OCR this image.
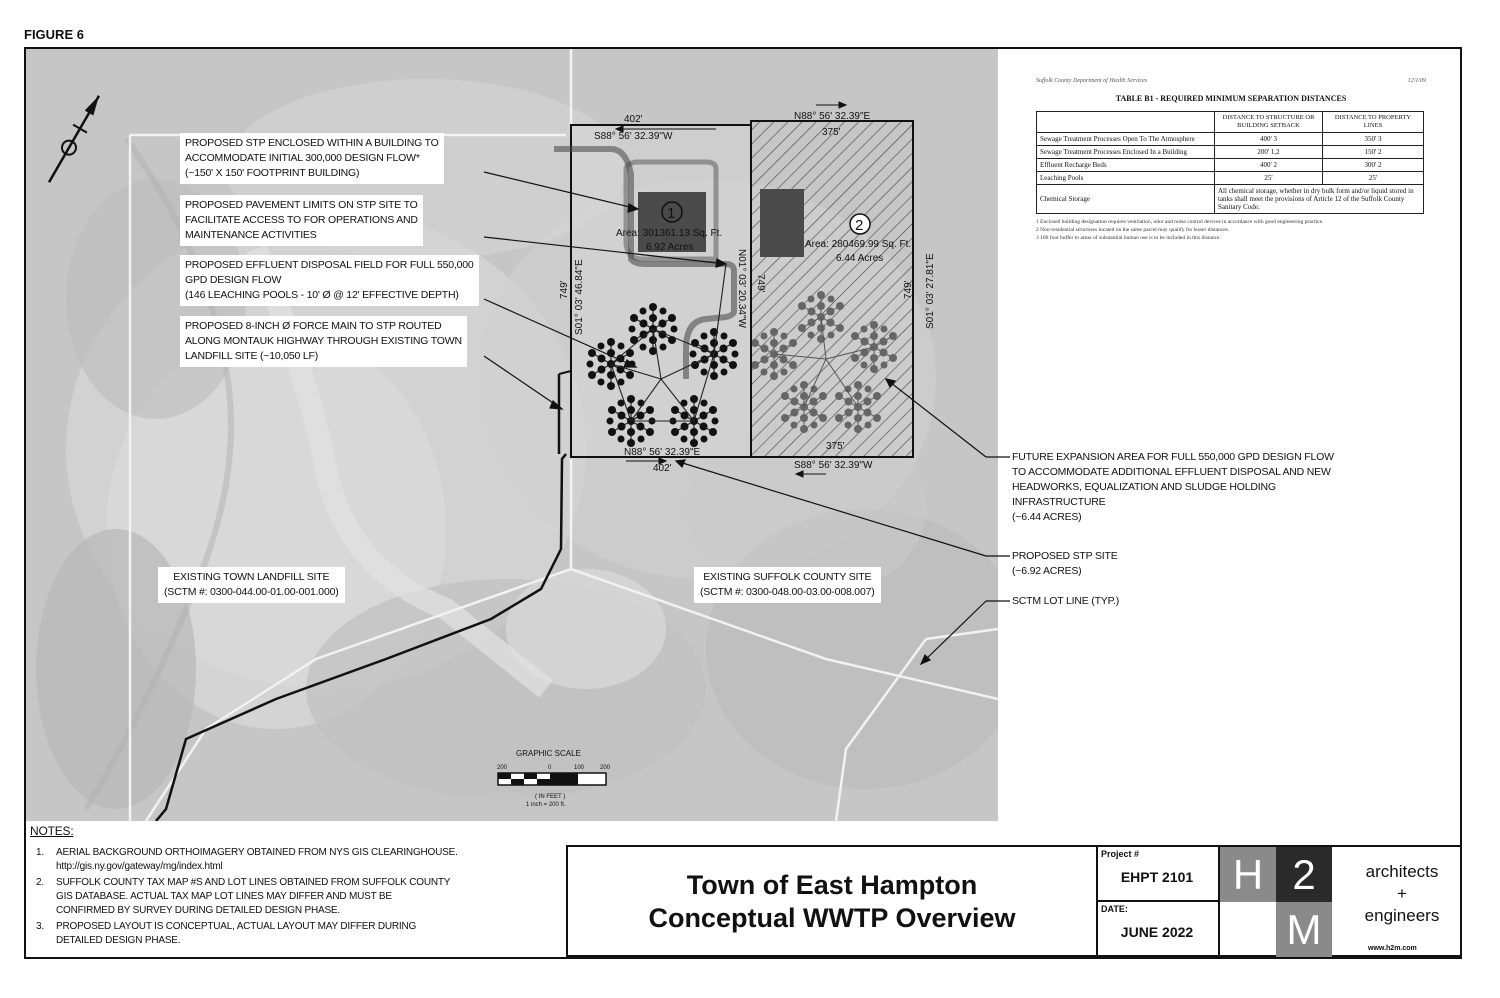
FIGURE 6
402'
S88° 56' 32.39"W
N88° 56' 32.39"E
375'
N88° 56' 32.39"E
402'	S88° 56' 32.39"W
375'
S01° 03' 46.84"E
749'	N01° 03' 20.34"W 749'	S01° 03' 27.81"E
749'
1
Area: 301361.13 Sq. Ft.
6.92 Acres
2
Area: 280469.99 Sq. Ft.
6.44 Acres
GRAPHIC SCALE
200	0	100	200
( IN FEET )
1 inch = 200 ft.
PROPOSED STP ENCLOSED WITHIN A BUILDING TO
ACCOMMODATE INITIAL 300,000 DESIGN FLOW*
(~150' X 150' FOOTPRINT BUILDING)
PROPOSED PAVEMENT LIMITS ON STP SITE TO
FACILITATE ACCESS TO FOR OPERATIONS AND
MAINTENANCE ACTIVITIES
PROPOSED EFFLUENT DISPOSAL FIELD FOR FULL 550,000
GPD DESIGN FLOW
(146 LEACHING POOLS - 10' Ø @ 12' EFFECTIVE DEPTH)
PROPOSED 8-INCH Ø FORCE MAIN TO STP ROUTED
ALONG MONTAUK HIGHWAY THROUGH EXISTING TOWN
LANDFILL SITE (~10,050 LF)
EXISTING TOWN LANDFILL SITE
(SCTM #: 0300-044.00-01.00-001.000)
EXISTING SUFFOLK COUNTY SITE
(SCTM #: 0300-048.00-03.00-008.007)
FUTURE EXPANSION AREA FOR FULL 550,000 GPD DESIGN FLOW
TO ACCOMMODATE ADDITIONAL EFFLUENT DISPOSAL AND NEW
HEADWORKS, EQUALIZATION AND SLUDGE HOLDING
INFRASTRUCTURE
(~6.44 ACRES)
PROPOSED STP SITE
(~6.92 ACRES)
SCTM LOT LINE (TYP.)
Suffolk County Department of Health Services	12/1/09
TABLE B1 - REQUIRED MINIMUM SEPARATION DISTANCES
	DISTANCE TO STRUCTURE OR BUILDING SETBACK	DISTANCE TO PROPERTY LINES
Sewage Treatment Processes Open To The Atmosphere	400' 3	350' 3
Sewage Treatment Processes Enclosed In a Building	200' 1,2	150' 2
Effluent Recharge Beds	400' 2	300' 2
Leaching Pools	25'	25'
Chemical Storage	All chemical storage, whether in dry bulk form and/or liquid stored in tanks shall meet the provisions of Article 12 of the Suffolk County Sanitary Code.	
1 Enclosed building designation requires ventilation, odor and noise control devices in accordance with good engineering practice.
2 Non-residential structures located on the same parcel may qualify for lesser distances.
3 100 foot buffer to areas of substantial human use is to be included in this distance.
NOTES:
1.	AERIAL BACKGROUND ORTHOIMAGERY OBTAINED FROM NYS GIS CLEARINGHOUSE.
http://gis.ny.gov/gateway/mg/index.html
2.	SUFFOLK COUNTY TAX MAP #S AND LOT LINES OBTAINED FROM SUFFOLK COUNTY
GIS DATABASE. ACTUAL TAX MAP LOT LINES MAY DIFFER AND MUST BE
CONFIRMED BY SURVEY DURING DETAILED DESIGN PHASE.
3.	PROPOSED LAYOUT IS CONCEPTUAL, ACTUAL LAYOUT MAY DIFFER DURING
DETAILED DESIGN PHASE.
Town of East Hampton
Conceptual WWTP Overview
Project #
EHPT 2101
DATE:
JUNE 2022
H 2
M
architects
+
engineers
www.h2m.com
